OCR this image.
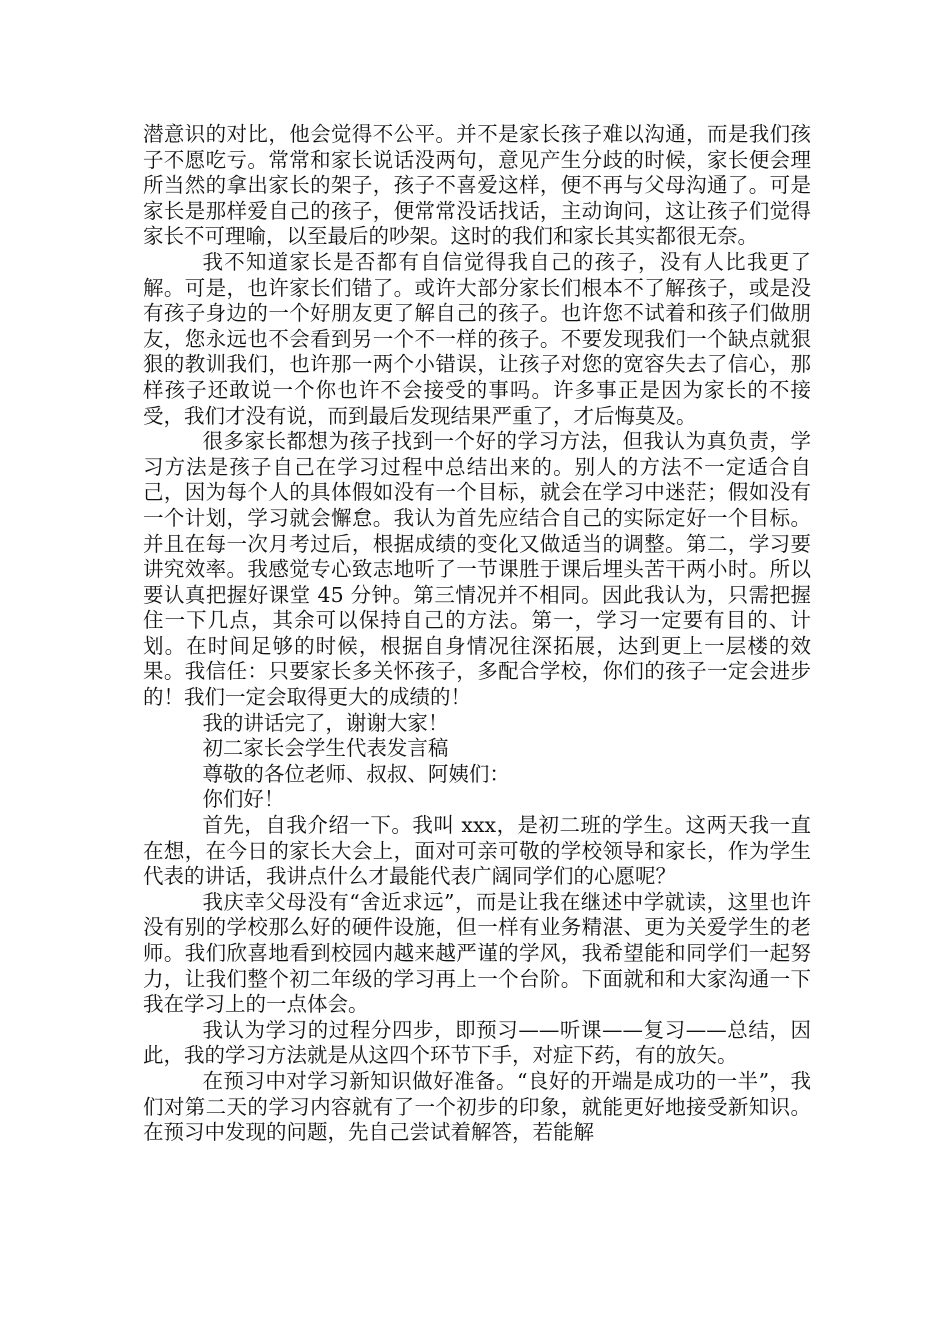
潜意识的对比，他会觉得不公平。并不是家长孩子难以沟通，而是我们孩子不愿吃亏。常常和家长说话没两句，意见产生分歧的时候，家长便会理所当然的拿出家长的架子，孩子不喜爱这样，便不再与父母沟通了。可是家长是那样爱自己的孩子，便常常没话找话，主动询问，这让孩子们觉得家长不可理喻，以至最后的吵架。这时的我们和家长其实都很无奈。

我不知道家长是否都有自信觉得我自己的孩子，没有人比我更了解。可是，也许家长们错了。或许大部分家长们根本不了解孩子，或是没有孩子身边的一个好朋友更了解自己的孩子。也许您不试着和孩子们做朋友，您永远也不会看到另一个不一样的孩子。不要发现我们一个缺点就狠狠的教训我们，也许那一两个小错误，让孩子对您的宽容失去了信心，那样孩子还敢说一个你也许不会接受的事吗。许多事正是因为家长的不接受，我们才没有说，而到最后发现结果严重了，才后悔莫及。

很多家长都想为孩子找到一个好的学习方法，但我认为真负责，学习方法是孩子自己在学习过程中总结出来的。别人的方法不一定适合自己，因为每个人的具体假如没有一个目标，就会在学习中迷茫；假如没有一个计划，学习就会懈怠。我认为首先应结合自己的实际定好一个目标。并且在每一次月考过后，根据成绩的变化又做适当的调整。第二，学习要讲究效率。我感觉专心致志地听了一节课胜于课后埋头苦干两小时。所以要认真把握好课堂 45 分钟。第三情况并不相同。因此我认为，只需把握住一下几点，其余可以保持自己的方法。第一，学习一定要有目的、计划。在时间足够的时候，根据自身情况往深拓展，达到更上一层楼的效果。我信任：只要家长多关怀孩子，多配合学校，你们的孩子一定会进步的！我们一定会取得更大的成绩的！

我的讲话完了，谢谢大家！

初二家长会学生代表发言稿

尊敬的各位老师、叔叔、阿姨们：

你们好！

首先，自我介绍一下。我叫 xxx，是初二班的学生。这两天我一直在想，在今日的家长大会上，面对可亲可敬的学校领导和家长，作为学生代表的讲话，我讲点什么才最能代表广阔同学们的心愿呢？

我庆幸父母没有“舍近求远”，而是让我在继述中学就读，这里也许没有别的学校那么好的硬件设施，但一样有业务精湛、更为关爱学生的老师。我们欣喜地看到校园内越来越严谨的学风，我希望能和同学们一起努力，让我们整个初二年级的学习再上一个台阶。下面就和和大家沟通一下我在学习上的一点体会。

我认为学习的过程分四步，即预习——听课——复习——总结，因此，我的学习方法就是从这四个环节下手，对症下药，有的放矢。

在预习中对学习新知识做好准备。“良好的开端是成功的一半”，我们对第二天的学习内容就有了一个初步的印象，就能更好地接受新知识。在预习中发现的问题，先自己尝试着解答，若能解
